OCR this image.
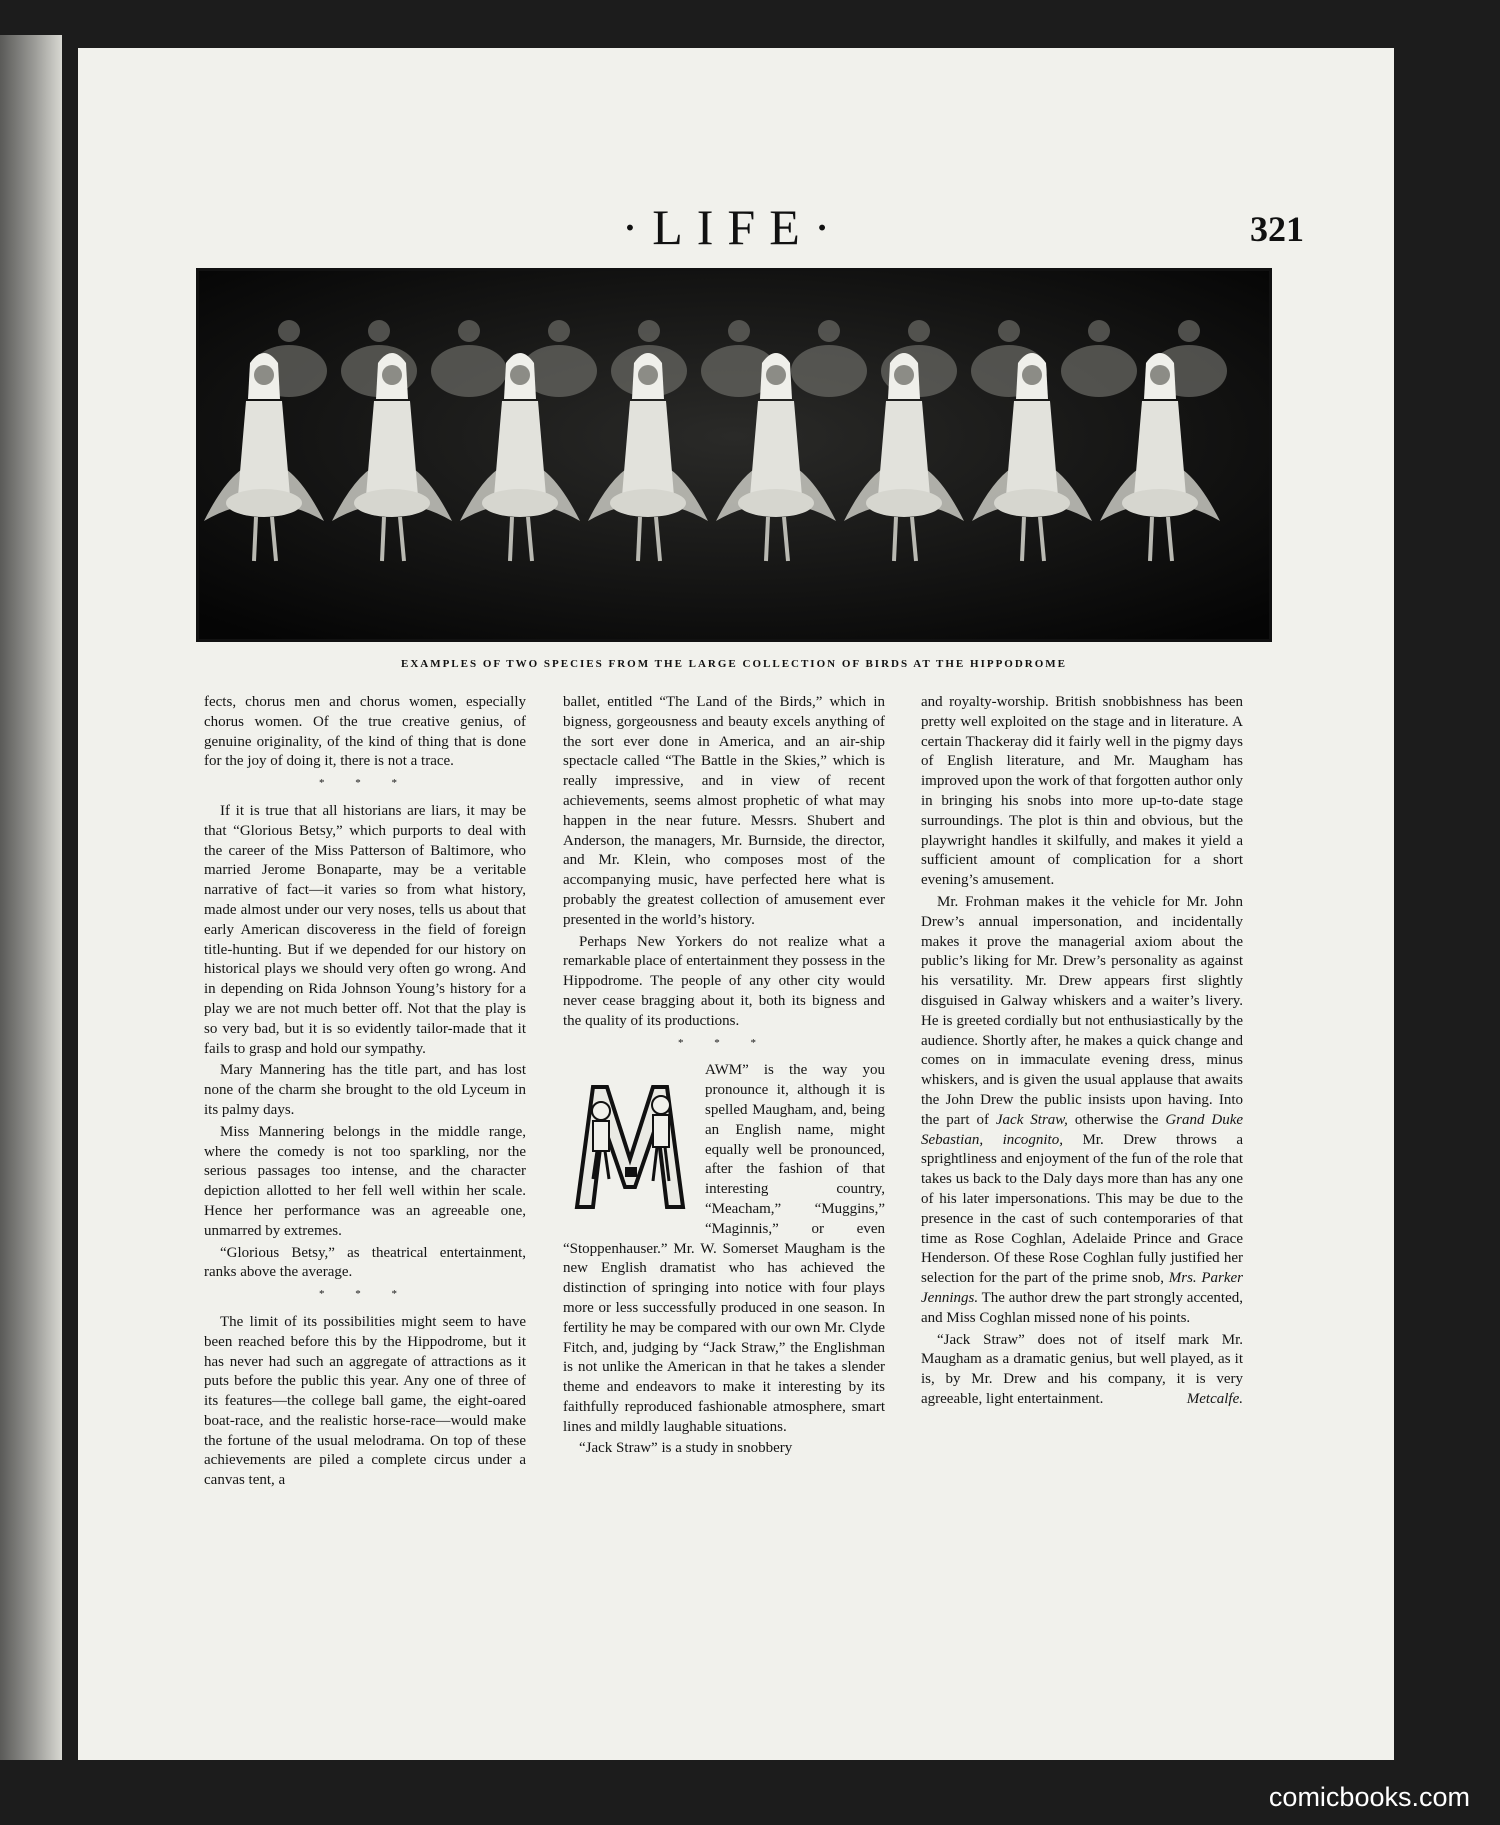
·LIFE·	321
EXAMPLES OF TWO SPECIES FROM THE LARGE COLLECTION OF BIRDS AT THE HIPPODROME

fects, chorus men and chorus women, especially chorus women. Of the true creative genius, of genuine originality, of the kind of thing that is done for the joy of doing it, there is not a trace.

* * *

If it is true that all historians are liars, it may be that “Glorious Betsy,” which purports to deal with the career of the Miss Patterson of Baltimore, who married Jerome Bonaparte, may be a veritable narrative of fact—it varies so from what history, made almost under our very noses, tells us about that early American discoveress in the field of foreign title-hunting. But if we depended for our history on historical plays we should very often go wrong. And in depending on Rida Johnson Young’s history for a play we are not much better off. Not that the play is so very bad, but it is so evidently tailor-made that it fails to grasp and hold our sympathy.

Mary Mannering has the title part, and has lost none of the charm she brought to the old Lyceum in its palmy days.

Miss Mannering belongs in the middle range, where the comedy is not too sparkling, nor the serious passages too intense, and the character depiction allotted to her fell well within her scale. Hence her performance was an agreeable one, unmarred by extremes.

“Glorious Betsy,” as theatrical entertainment, ranks above the average.

* * *

The limit of its possibilities might seem to have been reached before this by the Hippodrome, but it has never had such an aggregate of attractions as it puts before the public this year. Any one of three of its features—the college ball game, the eight-oared boat-race, and the realistic horse-race—would make the fortune of the usual melodrama. On top of these achievements are piled a complete circus under a canvas tent, a

ballet, entitled “The Land of the Birds,” which in bigness, gorgeousness and beauty excels anything of the sort ever done in America, and an air-ship spectacle called “The Battle in the Skies,” which is really impressive, and in view of recent achievements, seems almost prophetic of what may happen in the near future. Messrs. Shubert and Anderson, the managers, Mr. Burnside, the director, and Mr. Klein, who composes most of the accompanying music, have perfected here what is probably the greatest collection of amusement ever presented in the world’s history.

Perhaps New Yorkers do not realize what a remarkable place of entertainment they possess in the Hippodrome. The people of any other city would never cease bragging about it, both its bigness and the quality of its productions.

* * *

AWM” is the way you pronounce it, although it is spelled Maugham, and, being an English name, might equally well be pronounced, after the fashion of that interesting country, “Meacham,” “Muggins,” “Maginnis,” or even “Stoppenhauser.” Mr. W. Somerset Maugham is the new English dramatist who has achieved the distinction of springing into notice with four plays more or less successfully produced in one season. In fertility he may be compared with our own Mr. Clyde Fitch, and, judging by “Jack Straw,” the Englishman is not unlike the American in that he takes a slender theme and endeavors to make it interesting by its faithfully reproduced fashionable atmosphere, smart lines and mildly laughable situations.

“Jack Straw” is a study in snobbery

and royalty-worship. British snobbishness has been pretty well exploited on the stage and in literature. A certain Thackeray did it fairly well in the pigmy days of English literature, and Mr. Maugham has improved upon the work of that forgotten author only in bringing his snobs into more up-to-date stage surroundings. The plot is thin and obvious, but the playwright handles it skilfully, and makes it yield a sufficient amount of complication for a short evening’s amusement.

Mr. Frohman makes it the vehicle for Mr. John Drew’s annual impersonation, and incidentally makes it prove the managerial axiom about the public’s liking for Mr. Drew’s personality as against his versatility. Mr. Drew appears first slightly disguised in Galway whiskers and a waiter’s livery. He is greeted cordially but not enthusiastically by the audience. Shortly after, he makes a quick change and comes on in immaculate evening dress, minus whiskers, and is given the usual applause that awaits the John Drew the public insists upon having. Into the part of Jack Straw, otherwise the Grand Duke Sebastian, incognito, Mr. Drew throws a sprightliness and enjoyment of the fun of the role that takes us back to the Daly days more than has any one of his later impersonations. This may be due to the presence in the cast of such contemporaries of that time as Rose Coghlan, Adelaide Prince and Grace Henderson. Of these Rose Coghlan fully justified her selection for the part of the prime snob, Mrs. Parker Jennings. The author drew the part strongly accented, and Miss Coghlan missed none of his points.

“Jack Straw” does not of itself mark Mr. Maugham as a dramatic genius, but well played, as it is, by Mr. Drew and his company, it is very agreeable, light entertainment.	Metcalfe.

comicbooks.com
